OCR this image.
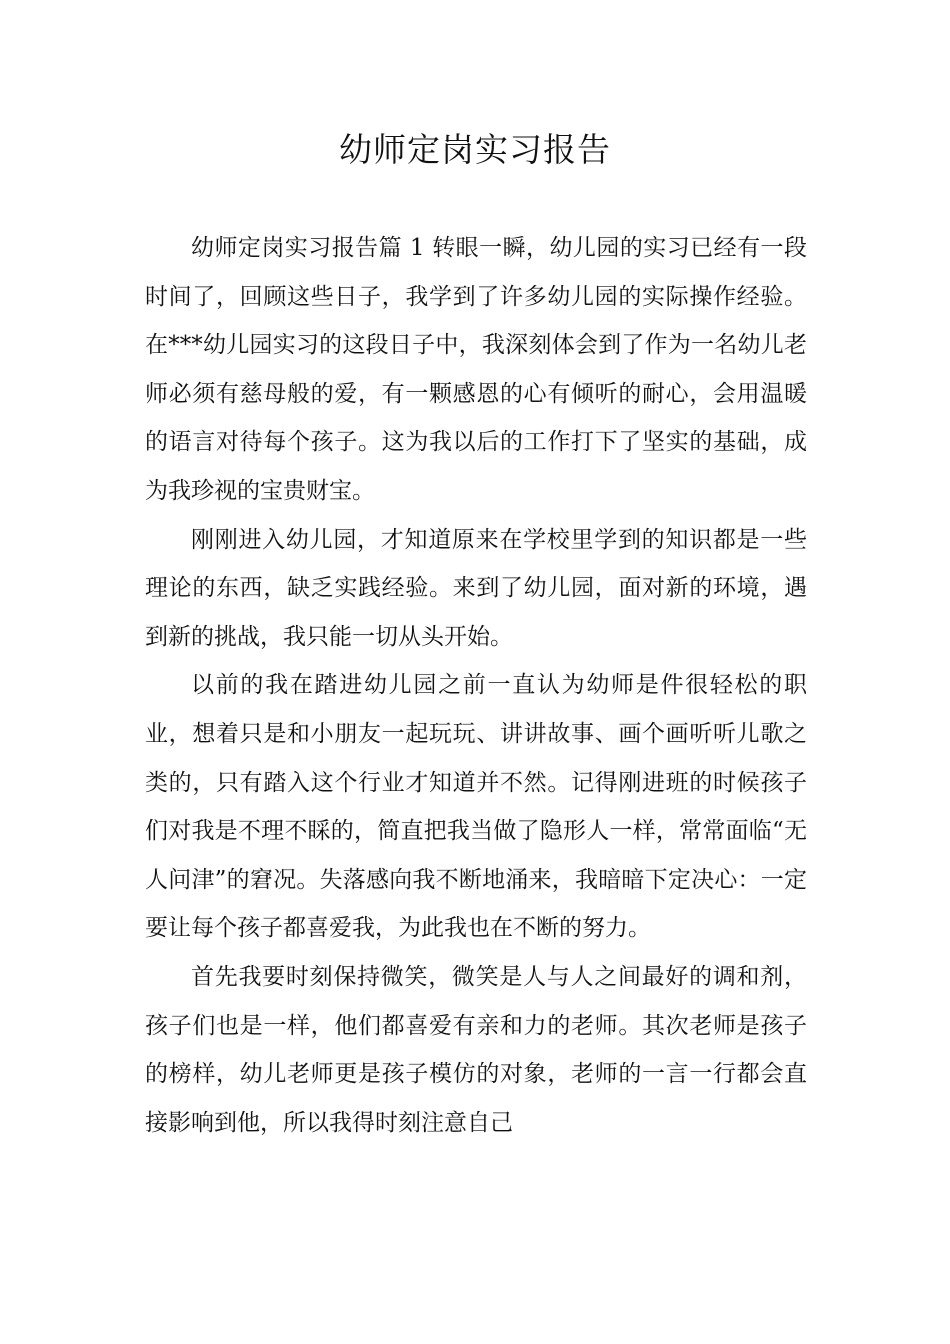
幼师定岗实习报告

幼师定岗实习报告篇 1 转眼一瞬，幼儿园的实习已经有一段时间了，回顾这些日子，我学到了许多幼儿园的实际操作经验。在***幼儿园实习的这段日子中，我深刻体会到了作为一名幼儿老师必须有慈母般的爱，有一颗感恩的心有倾听的耐心，会用温暖的语言对待每个孩子。这为我以后的工作打下了坚实的基础，成为我珍视的宝贵财宝。

刚刚进入幼儿园，才知道原来在学校里学到的知识都是一些理论的东西，缺乏实践经验。来到了幼儿园，面对新的环境，遇到新的挑战，我只能一切从头开始。

以前的我在踏进幼儿园之前一直认为幼师是件很轻松的职业，想着只是和小朋友一起玩玩、讲讲故事、画个画听听儿歌之类的，只有踏入这个行业才知道并不然。记得刚进班的时候孩子们对我是不理不睬的，简直把我当做了隐形人一样，常常面临“无人问津”的窘况。失落感向我不断地涌来，我暗暗下定决心：一定要让每个孩子都喜爱我，为此我也在不断的努力。

首先我要时刻保持微笑，微笑是人与人之间最好的调和剂，孩子们也是一样，他们都喜爱有亲和力的老师。其次老师是孩子的榜样，幼儿老师更是孩子模仿的对象，老师的一言一行都会直接影响到他，所以我得时刻注意自己
